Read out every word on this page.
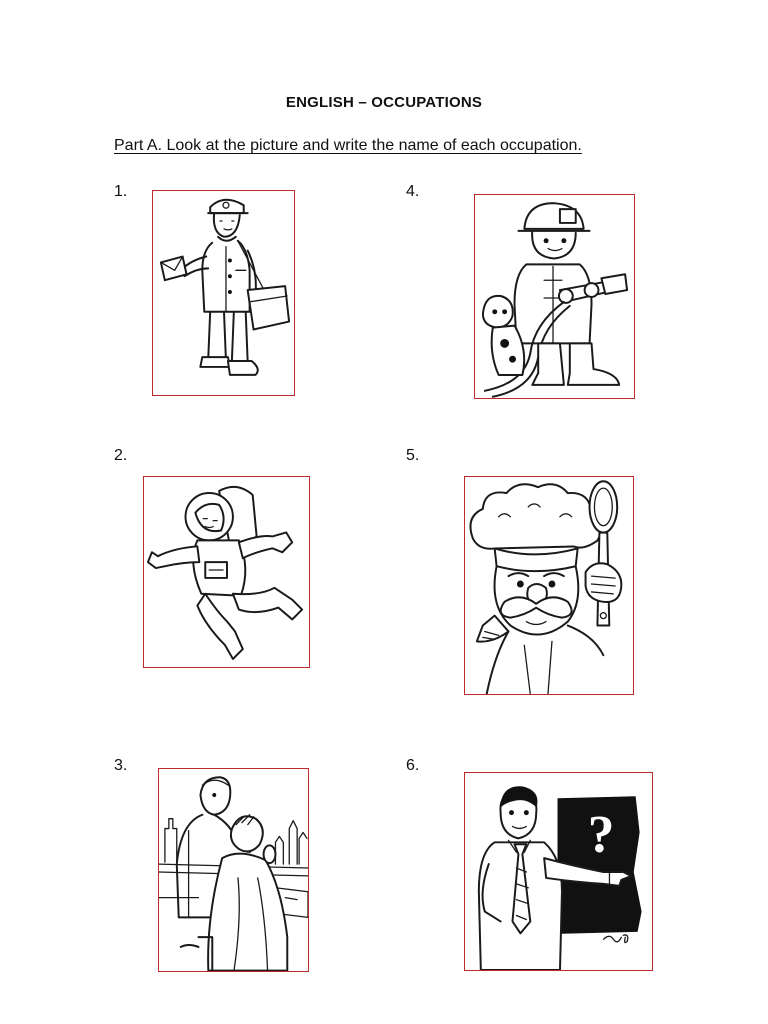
ENGLISH – OCCUPATIONS
Part A. Look at the picture and write the name of each occupation.
1.	4.
2.	5.
3.	6.
?
